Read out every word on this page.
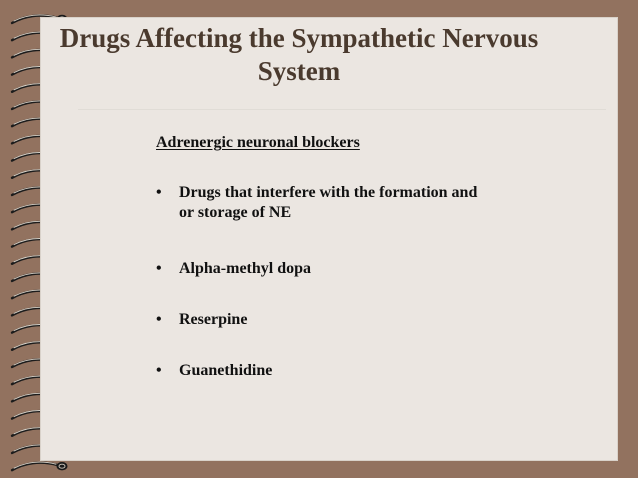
Drugs Affecting the Sympathetic Nervous System
Adrenergic neuronal blockers
•	Drugs that interfere with the formation and or storage of NE
•	Alpha-methyl dopa
•	Reserpine
•	Guanethidine
